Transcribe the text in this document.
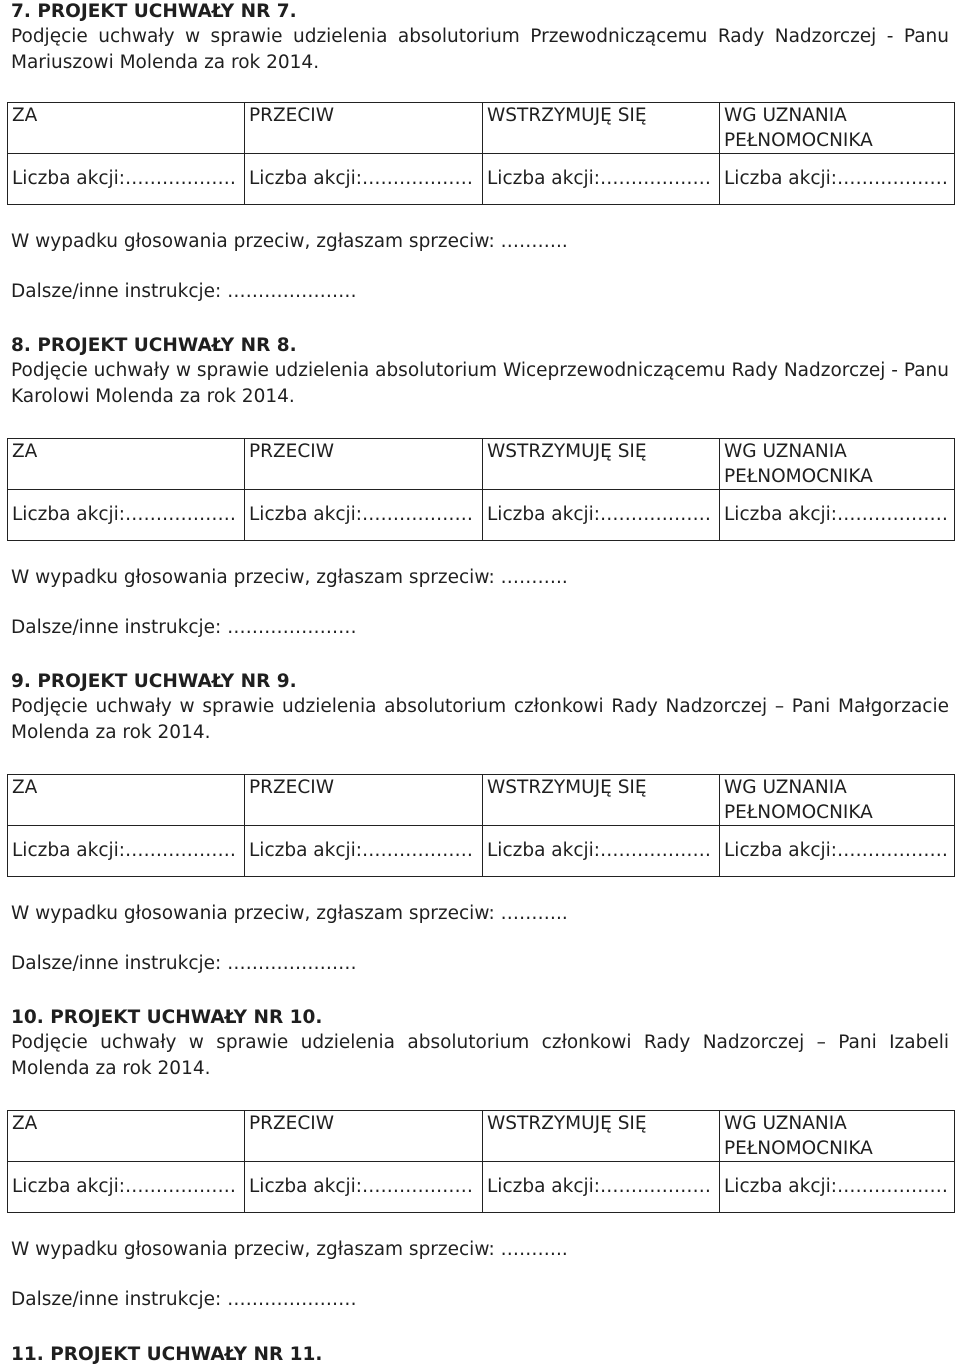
7. PROJEKT UCHWAŁY NR 7.
Podjęcie uchwały w sprawie udzielenia absolutorium Przewodniczącemu Rady Nadzorczej - Panu Mariuszowi Molenda za rok 2014.
ZA	PRZECIW	WSTRZYMUJĘ SIĘ	WG UZNANIA PEŁNOMOCNIKA
Liczba akcji:………………	Liczba akcji:………………	Liczba akcji:………………	Liczba akcji:………………
W wypadku głosowania przeciw, zgłaszam sprzeciw: ………..
Dalsze/inne instrukcje: …………………
8. PROJEKT UCHWAŁY NR 8.
Podjęcie uchwały w sprawie udzielenia absolutorium Wiceprzewodniczącemu Rady Nadzorczej - Panu Karolowi Molenda za rok 2014.
ZA	PRZECIW	WSTRZYMUJĘ SIĘ	WG UZNANIA PEŁNOMOCNIKA
Liczba akcji:………………	Liczba akcji:………………	Liczba akcji:………………	Liczba akcji:………………
W wypadku głosowania przeciw, zgłaszam sprzeciw: ………..
Dalsze/inne instrukcje: …………………
9. PROJEKT UCHWAŁY NR 9.
Podjęcie uchwały w sprawie udzielenia absolutorium członkowi Rady Nadzorczej – Pani Małgorzacie Molenda za rok 2014.
ZA	PRZECIW	WSTRZYMUJĘ SIĘ	WG UZNANIA PEŁNOMOCNIKA
Liczba akcji:………………	Liczba akcji:………………	Liczba akcji:………………	Liczba akcji:………………
W wypadku głosowania przeciw, zgłaszam sprzeciw: ………..
Dalsze/inne instrukcje: …………………
10. PROJEKT UCHWAŁY NR 10.
Podjęcie uchwały w sprawie udzielenia absolutorium członkowi Rady Nadzorczej – Pani Izabeli Molenda za rok 2014.
ZA	PRZECIW	WSTRZYMUJĘ SIĘ	WG UZNANIA PEŁNOMOCNIKA
Liczba akcji:………………	Liczba akcji:………………	Liczba akcji:………………	Liczba akcji:………………
W wypadku głosowania przeciw, zgłaszam sprzeciw: ………..
Dalsze/inne instrukcje: …………………
11. PROJEKT UCHWAŁY NR 11.
